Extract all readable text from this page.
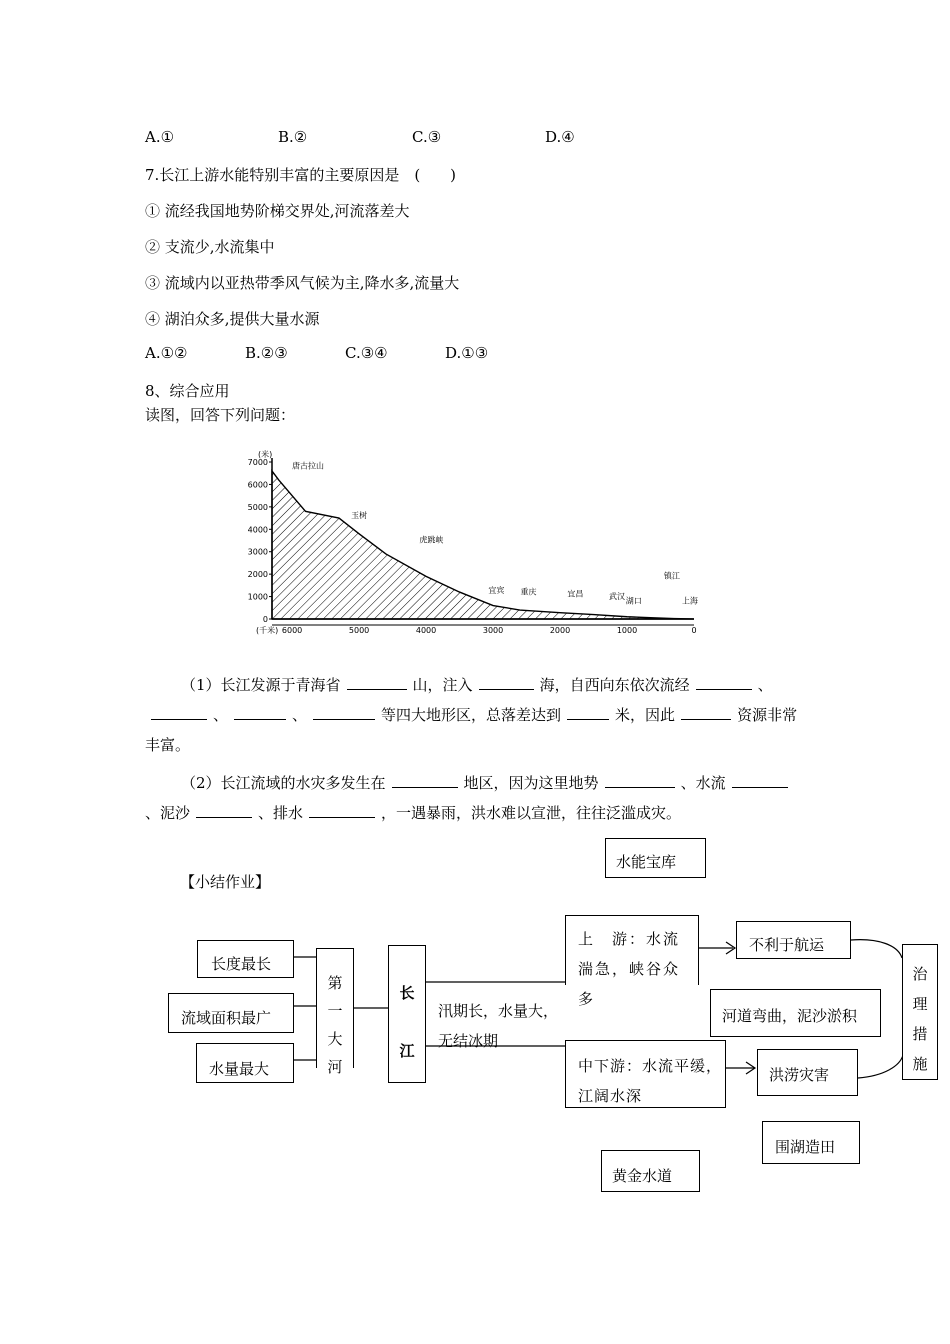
A.①	B.②	C.③	D.④
7.长江上游水能特别丰富的主要原因是　(　　)
① 流经我国地势阶梯交界处,河流落差大
② 支流少,水流集中
③ 流域内以亚热带季风气候为主,降水多,流量大
④ 湖泊众多,提供大量水源
A.①②	B.②③	C.③④	D.①③
8、综合应用
读图，回答下列问题：
7000
6000
5000
4000
3000
2000
1000
0
(米)
6000	5000	4000	3000	2000	1000	0
(千米)
唐古拉山
玉树
虎跳峡
宜宾 重庆	宜昌	武汉 湖口
镇江
上海
（1）长江发源于青海省	山，注入	海，自西向东依次流经	、、	、	等四大地形区，总落差达到	米，因此	资源非常丰富。
（2）长江流域的水灾多发生在	地区，因为这里地势	、水流、泥沙	、排水	，一遇暴雨，洪水难以宣泄，往往泛滥成灾。
【小结作业】
水能宝库
长度最长
流域面积最广
水量最大
第一大河
长江
汛期长，水量大，无结冰期
上　游：水流湍急，峡谷众多
中下游：水流平缓，江阔水深
不利于航运
河道弯曲，泥沙淤积
洪涝灾害
围湖造田
黄金水道
治理措施
